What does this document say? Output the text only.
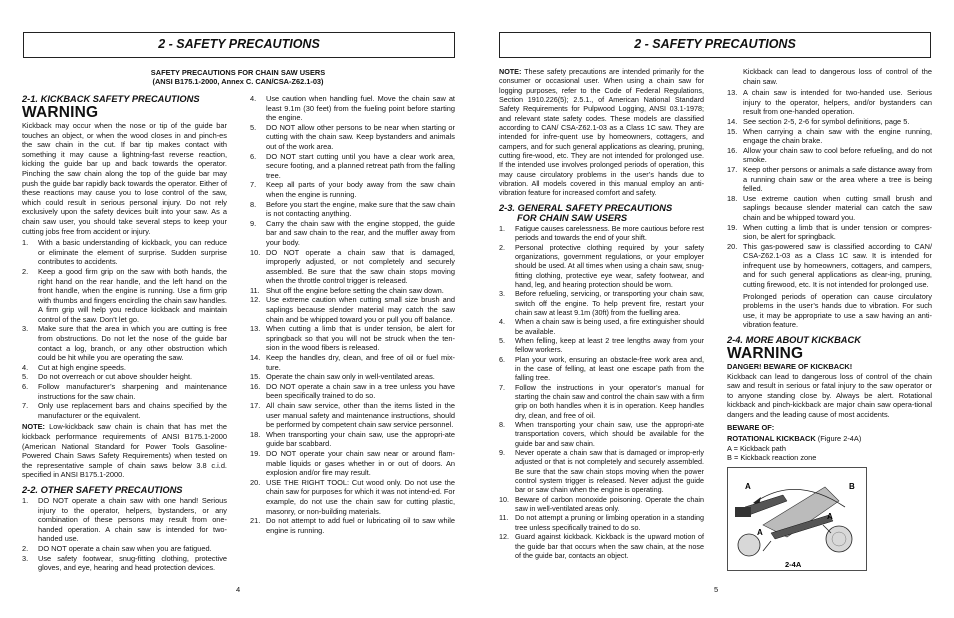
2 - SAFETY PRECAUTIONS
SAFETY PRECAUTIONS FOR CHAIN SAW USERS
(ANSI B175.1-2000, Annex C. CAN/CSA-Z62.1-03)
2-1. KICKBACK SAFETY PRECAUTIONS
WARNING

Kickback may occur when the nose or tip of the guide bar touches an object, or when the wood closes in and pinch-es the saw chain in the cut. If bar tip makes contact with something it may cause a lightning-fast reverse reaction, kicking the guide bar up and back towards the operator. Pinching the saw chain along the top of the guide bar may push the guide bar rapidly back towards the operator. Either of these reactions may cause you to lose control of the saw, which could result in serious personal injury. Do not rely exclusively upon the safety devices built into your saw. As a chain saw user, you should take several steps to keep your cutting jobs free from accident or injury.

1.	With a basic understanding of kickback, you can reduce or eliminate the element of surprise. Sudden surprise contributes to accidents.
2.	Keep a good firm grip on the saw with both hands, the right hand on the rear handle, and the left hand on the front handle, when the engine is running. Use a firm grip with thumbs and fingers encircling the chain saw handles. A firm grip will help you reduce kickback and maintain control of the saw. Don’t let go.
3.	Make sure that the area in which you are cutting is free from obstructions. Do not let the nose of the guide bar contact a log, branch, or any other obstruction which could be hit while you are operating the saw.
4.	Cut at high engine speeds.
5.	Do not overreach or cut above shoulder height.
6.	Follow manufacturer’s sharpening and maintenance instructions for the saw chain.
7.	Only use replacement bars and chains specified by the manufacturer or the equivalent.

NOTE: Low-kickback saw chain is chain that has met the kickback performance requirements of ANSI B175.1-2000 (American National Standard for Power Tools Gasoline-Powered Chain Saws Safety Requirements) when tested on the representative sample of chain saws below 3.8 c.i.d. specified in ANSI B175.1-2000.

2-2. OTHER SAFETY PRECAUTIONS
1.	DO NOT operate a chain saw with one hand! Serious injury to the operator, helpers, bystanders, or any combination of these persons may result from one-handed operation. A chain saw is intended for two-handed use.
2.	DO NOT operate a chain saw when you are fatigued.
3.	Use safety footwear, snug-fitting clothing, protective gloves, and eye, hearing and head protection devices.
4.	Use caution when handling fuel. Move the chain saw at least 9.1m (30 feet) from the fueling point before starting the engine.
5.	DO NOT allow other persons to be near when starting or cutting with the chain saw. Keep bystanders and animals out of the work area.
6.	DO NOT start cutting until you have a clear work area, secure footing, and a planned retreat path from the falling tree.
7.	Keep all parts of your body away from the saw chain when the engine is running.
8.	Before you start the engine, make sure that the saw chain is not contacting anything.
9.	Carry the chain saw with the engine stopped, the guide bar and saw chain to the rear, and the muffler away from your body.
10. DO NOT operate a chain saw that is damaged, improperly adjusted, or not completely and securely assembled. Be sure that the saw chain stops moving when the throttle control trigger is released.
11. Shut off the engine before setting the chain saw down.
12. Use extreme caution when cutting small size brush and saplings because slender material may catch the saw chain and be whipped toward you or pull you off balance.
13. When cutting a limb that is under tension, be alert for springback so that you will not be struck when the ten-sion in the wood fibers is released.
14. Keep the handles dry, clean, and free of oil or fuel mix-ture.
15. Operate the chain saw only in well-ventilated areas.
16. DO NOT operate a chain saw in a tree unless you have been specifically trained to do so.
17. All chain saw service, other than the items listed in the user manual safety and maintenance instructions, should be performed by competent chain saw service personnel.
18. When transporting your chain saw, use the appropri-ate guide bar scabbard.
19. DO NOT operate your chain saw near or around flam-mable liquids or gases whether in or out of doors. An explosion and/or fire may result.
20. USE THE RIGHT TOOL: Cut wood only. Do not use the chain saw for purposes for which it was not intend-ed. For example, do not use the chain saw for cutting plastic, masonry, or non-building materials.
21. Do not attempt to add fuel or lubricating oil to saw while engine is running.
4
2 - SAFETY PRECAUTIONS

NOTE: These safety precautions are intended primarily for the consumer or occasional user. When using a chain saw for logging purposes, refer to the Code of Federal Regulations, Section 1910.226(5); 2.5.1., of American National Standard Safety Requirements for Pulpwood Logging, ANSI 03.1-1978; and relevant state safety codes. These models are classified according to CAN/ CSA-Z62.1-03 as a Class 1C saw. They are intended for infre-quent use by homeowners, cottagers, and campers, and for such general applications as clearing, pruning, cutting fire-wood, etc. They are not intended for prolonged use. If the intended use involves prolonged periods of operation, this may cause circulatory problems in the user’s hands due to vibration. All models covered in this manual employ an anti-vibration feature for increased comfort and safety.

2-3. GENERAL SAFETY PRECAUTIONS
FOR CHAIN SAW USERS
1.	Fatigue causes carelessness. Be more cautious before rest periods and towards the end of your shift.
2.	Personal protective clothing required by your safety organizations, government regulations, or your employer should be used. At all times when using a chain saw, snug-fitting clothing, protective eye wear, safety footwear, and hand, leg, and hearing protection should be worn.
3.	Before refueling, servicing, or transporting your chain saw, switch off the engine. To help prevent fire, restart your chain saw at least 9.1m (30ft) from the fuelling area.
4.	When a chain saw is being used, a fire extinguisher should be available.
5.	When felling, keep at least 2 tree lengths away from your fellow workers.
6.	Plan your work, ensuring an obstacle-free work area and, in the case of felling, at least one escape path from the falling tree.
7.	Follow the instructions in your operator’s manual for starting the chain saw and control the chain saw with a firm grip on both handles when it is in operation. Keep handles dry, clean, and free of oil.
8.	When transporting your chain saw, use the appropri-ate transportation covers, which should be available for the guide bar and saw chain.
9.	Never operate a chain saw that is damaged or improp-erly adjusted or that is not completely and securely assembled. Be sure that the saw chain stops moving when the power control system trigger is released. Never adjust the guide bar or saw chain when the engine is operating.
10. Beware of carbon monoxide poisoning. Operate the chain saw in well-ventilated areas only.
11. Do not attempt a pruning or limbing operation in a standing tree unless specifically trained to do so.
12. Guard against kickback. Kickback is the upward motion of the guide bar that occurs when the saw chain, at the nose of the guide bar, contacts an object.

Kickback can lead to dangerous loss of control of the chain saw.

13. A chain saw is intended for two-handed use. Serious injury to the operator, helpers, and/or bystanders can result from one-handed operation.
14. See section 2-5, 2-6 for symbol definitions, page 5.
15. When carrying a chain saw with the engine running, engage the chain brake.
16. Allow your chain saw to cool before refueling, and do not smoke.
17. Keep other persons or animals a safe distance away from a running chain saw or the area where a tree is being felled.
18. Use extreme caution when cutting small brush and saplings because slender material can catch the saw chain and be whipped toward you.
19. When cutting a limb that is under tension or compres-sion, be alert for springback.
20. This gas-powered saw is classified according to CAN/ CSA-Z62.1-03 as a Class 1C saw. It is intended for infrequent use by homeowners, cottagers, and campers, and for such general applications as clear-ing, pruning, cutting firewood, etc. It is not intended for prolonged use.

Prolonged periods of operation can cause circulatory problems in the user’s hands due to vibration. For such use, it may be appropriate to use a saw having an anti-vibration feature.

2-4. MORE ABOUT KICKBACK
WARNING

DANGER! BEWARE OF KICKBACK!

Kickback can lead to dangerous loss of control of the chain saw and result in serious or fatal injury to the saw operator or to anyone standing close by. Always be alert. Rotational kickback and pinch-kickback are major chain saw opera-tional dangers and the leading cause of most accidents.

BEWARE OF:

ROTATIONAL KICKBACK (Figure 2-4A)
A = Kickback path
B = Kickback reaction zone
A	B
A
A
2-4A
5
